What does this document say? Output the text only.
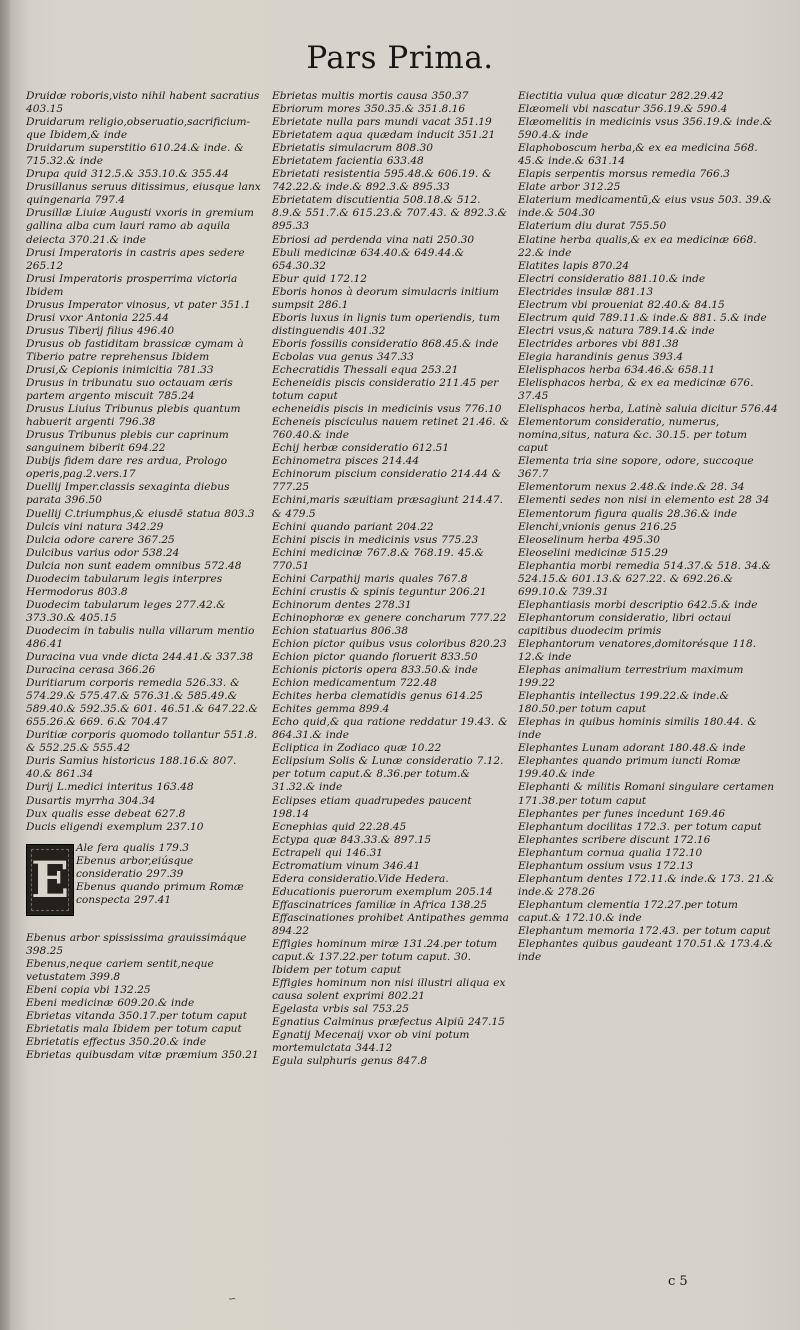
Pars Prima.
Druidæ roboris,visto nihil habent sacratius 403.15
Druidarum religio,obseruatio,sacrificium-que Ibidem,& inde
Druidarum superstitio 610.24.& inde. & 715.32.& inde
Drupa quid 312.5.& 353.10.& 355.44
Drusillanus seruus ditissimus, eiusque lanx quingenaria 797.4
Drusillæ Liuiæ Augusti vxoris in gremium gallina alba cum lauri ramo ab aquila deiecta 370.21.& inde
Drusi Imperatoris in castris apes sedere 265.12
Drusi Imperatoris prosperrima victoria Ibidem
Drusus Imperator vinosus, vt pater 351.1
Drusi vxor Antonia 225.44
Drusus Tiberij filius 496.40
Drusus ob fastiditam brassicæ cymam à Tiberio patre reprehensus Ibidem
Drusi,& Cepionis inimicitia 781.33
Drusus in tribunatu suo octauam æris partem argento miscuit 785.24
Drusus Liuius Tribunus plebis quantum habuerit argenti 796.38
Drusus Tribunus plebis cur caprinum sanguinem biberit 694.22
Dubijs fidem dare res ardua, Prologo operis,pag.2.vers.17
Duellij Imper.classis sexaginta diebus parata 396.50
Duellij C.triumphus,& eiusdē statua 803.3
Dulcis vini natura 342.29
Dulcia odore carere 367.25
Dulcibus varius odor 538.24
Dulcia non sunt eadem omnibus 572.48
Duodecim tabularum legis interpres Hermodorus 803.8
Duodecim tabularum leges 277.42.& 373.30.& 405.15
Duodecim in tabulis nulla villarum mentio 486.41
Duracina vua vnde dicta 244.41.& 337.38
Duracina cerasa 366.26
Duritiarum corporis remedia 526.33. & 574.29.& 575.47.& 576.31.& 585.49.& 589.40.& 592.35.& 601. 46.51.& 647.22.& 655.26.& 669. 6.& 704.47
Duritiæ corporis quomodo tollantur 551.8. & 552.25.& 555.42
Duris Samius historicus 188.16.& 807. 40.& 861.34
Durij L.medici interitus 163.48
Dusartis myrrha 304.34
Dux qualis esse debeat 627.8
Ducis eligendi exemplum 237.10
E
Ale fera qualis 179.3
Ebenus arbor,eiúsque consideratio 297.39
Ebenus quando primum Romæ conspecta 297.41
Ebenus arbor spississima grauissimáque 398.25
Ebenus,neque cariem sentit,neque vetustatem 399.8
Ebeni copia vbi 132.25
Ebeni medicinæ 609.20.& inde
Ebrietas vitanda 350.17.per totum caput
Ebrietatis mala Ibidem per totum caput
Ebrietatis effectus 350.20.& inde
Ebrietas quibusdam vitæ præmium 350.21
Ebrietas multis mortis causa 350.37
Ebriorum mores 350.35.& 351.8.16
Ebrietate nulla pars mundi vacat 351.19
Ebrietatem aqua quædam inducit 351.21
Ebrietatis simulacrum 808.30
Ebrietatem facientia 633.48
Ebrietati resistentia 595.48.& 606.19. & 742.22.& inde.& 892.3.& 895.33
Ebrietatem discutientia 508.18.& 512. 8.9.& 551.7.& 615.23.& 707.43. & 892.3.& 895.33
Ebriosi ad perdenda vina nati 250.30
Ebuli medicinæ 634.40.& 649.44.& 654.30.32
Ebur quid 172.12
Eboris honos à deorum simulacris initium sumpsit 286.1
Eboris luxus in lignis tum operiendis, tum distinguendis 401.32
Eboris fossilis consideratio 868.45.& inde
Ecbolas vua genus 347.33
Echecratidis Thessali equa 253.21
Echeneidis piscis consideratio 211.45 per totum caput
echeneidis piscis in medicinis vsus 776.10
Echeneis pisciculus nauem retinet 21.46. & 760.40.& inde
Echij herbæ consideratio 612.51
Echinometra pisces 214.44
Echinorum piscium consideratio 214.44 & 777.25
Echini,maris sæuitiam præsagiunt 214.47. & 479.5
Echini quando pariant 204.22
Echini piscis in medicinis vsus 775.23
Echini medicinæ 767.8.& 768.19. 45.& 770.51
Echini Carpathij maris quales 767.8
Echini crustis & spinis teguntur 206.21
Echinorum dentes 278.31
Echinophoræ ex genere concharum 777.22
Echion statuarius 806.38
Echion pictor quibus vsus coloribus 820.23
Echion pictor quando floruerit 833.50
Echionis pictoris opera 833.50.& inde
Echion medicamentum 722.48
Echites herba clematidis genus 614.25
Echites gemma 899.4
Echo quid,& qua ratione reddatur 19.43. & 864.31.& inde
Ecliptica in Zodiaco quæ 10.22
Eclipsium Solis & Lunæ consideratio 7.12. per totum caput.& 8.36.per totum.& 31.32.& inde
Eclipses etiam quadrupedes paucent 198.14
Ecnephias quid 22.28.45
Ectypa quæ 843.33.& 897.15
Ectrapeli qui 146.31
Ectromatium vinum 346.41
Edera consideratio.Vide Hedera.
Educationis puerorum exemplum 205.14
Effascinatrices familiæ in Africa 138.25
Effascinationes prohibet Antipathes gemma 894.22
Effigies hominum miræ 131.24.per totum caput.& 137.22.per totum caput. 30. Ibidem per totum caput
Effigies hominum non nisi illustri aliqua ex causa solent exprimi 802.21
Egelasta vrbis sal 753.25
Egnatius Calminus præfectus Alpiū 247.15
Egnatij Mecenaij vxor ob vini potum mortemulctata 344.12
Egula sulphuris genus 847.8
Eiectitia vulua quæ dicatur 282.29.42
Elæomeli vbi nascatur 356.19.& 590.4
Elæomelitis in medicinis vsus 356.19.& inde.& 590.4.& inde
Elaphoboscum herba,& ex ea medicina 568. 45.& inde.& 631.14
Elapis serpentis morsus remedia 766.3
Elate arbor 312.25
Elaterium medicamentū,& eius vsus 503. 39.& inde.& 504.30
Elaterium diu durat 755.50
Elatine herba qualis,& ex ea medicinæ 668. 22.& inde
Elatites lapis 870.24
Electri consideratio 881.10.& inde
Electrides insulæ 881.13
Electrum vbi proueniat 82.40.& 84.15
Electrum quid 789.11.& inde.& 881. 5.& inde
Electri vsus,& natura 789.14.& inde
Electrides arbores vbi 881.38
Elegia harandinis genus 393.4
Elelisphacos herba 634.46.& 658.11
Elelisphacos herba, & ex ea medicinæ 676. 37.45
Elelisphacos herba, Latinè saluia dicitur 576.44
Elementorum consideratio, numerus, nomina,situs, natura &c. 30.15. per totum caput
Elementa tria sine sopore, odore, succoque 367.7
Elementorum nexus 2.48.& inde.& 28. 34
Elementi sedes non nisi in elemento est 28 34
Elementorum figura qualis 28.36.& inde
Elenchi,vnionis genus 216.25
Eleoselinum herba 495.30
Eleoselini medicinæ 515.29
Elephantia morbi remedia 514.37.& 518. 34.& 524.15.& 601.13.& 627.22. & 692.26.& 699.10.& 739.31
Elephantiasis morbi descriptio 642.5.& inde
Elephantorum consideratio, libri octaui capitibus duodecim primis
Elephantorum venatores,domitorésque 118. 12.& inde
Elephas animalium terrestrium maximum 199.22
Elephantis intellectus 199.22.& inde.& 180.50.per totum caput
Elephas in quibus hominis similis 180.44. & inde
Elephantes Lunam adorant 180.48.& inde
Elephantes quando primum iuncti Romæ 199.40.& inde
Elephanti & militis Romani singulare certamen 171.38.per totum caput
Elephantes per funes incedunt 169.46
Elephantum docilitas 172.3. per totum caput
Elephantes scribere discunt 172.16
Elephantum cornua qualia 172.10
Elephantum ossium vsus 172.13
Elephantum dentes 172.11.& inde.& 173. 21.& inde.& 278.26
Elephantum clementia 172.27.per totum caput.& 172.10.& inde
Elephantum memoria 172.43. per totum caput
Elephantes quibus gaudeant 170.51.& 173.4.& inde
c 5
∽
